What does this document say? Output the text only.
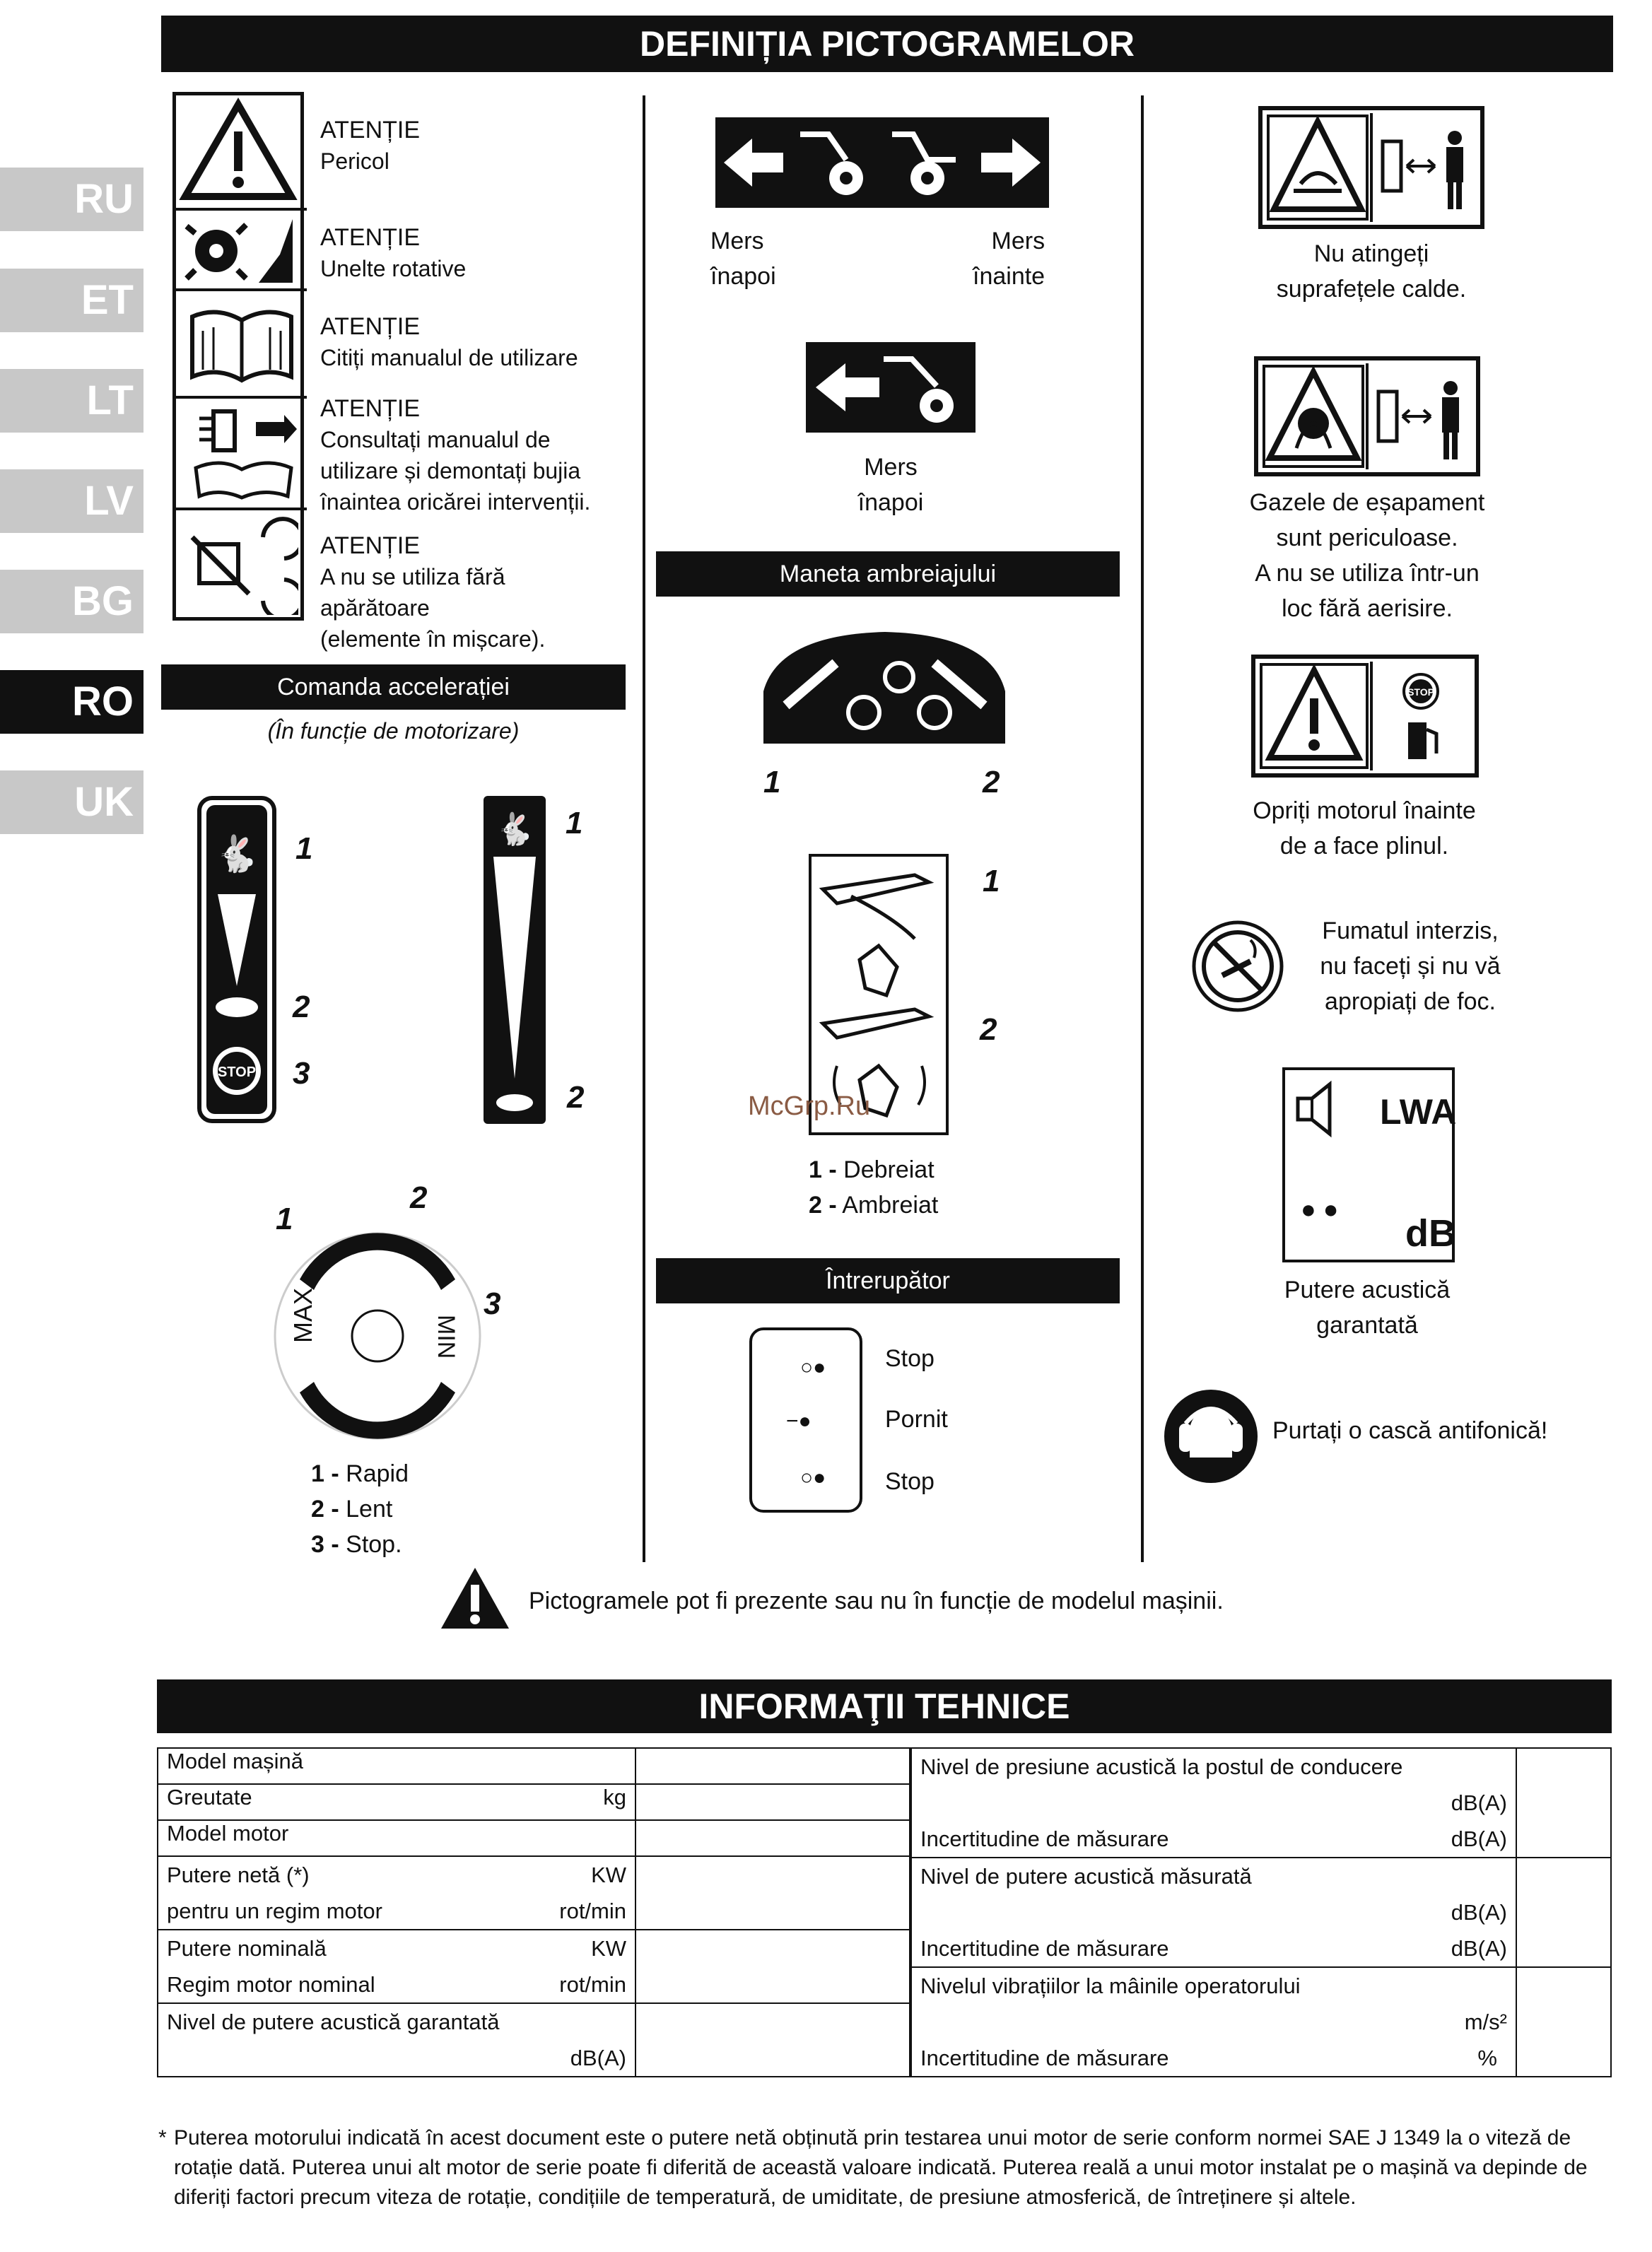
DEFINIȚIA PICTOGRAMELOR
RU
ET
LT
LV
BG
RO
UK
ATENȚIE
Pericol
ATENȚIE
Unelte rotative
ATENȚIE
Citiți manualul de utilizare
ATENȚIE
Consultați manualul de
utilizare și demontați bujia
înaintea oricărei intervenții.
ATENȚIE
A nu se utiliza fără
apărătoare
(elemente în mișcare).
Comanda accelerației
(În funcție de motorizare)
🐇
STOP
1
2
3
🐇 1
2
MAX	MIN
1
2
3
1 - Rapid
2 - Lent
3 - Stop.
Mers
înapoi
Mers
înainte
Mers
înapoi
Maneta ambreiajului
1	2
1
2
1 - Debreiat
2 - Ambreiat
Întrerupător
○●
−●
○●
Stop
Pornit
Stop
McGrp.Ru
Nu atingeți
suprafețele calde.
Gazele de eșapament
sunt periculoase.
A nu se utiliza într-un
loc fără aerisire.
STOP
Opriți motorul înainte
de a face plinul.
Fumatul interzis,
nu faceți și nu vă
apropiați de foc.
LWA
● ●
dB
Putere acustică
garantată
Purtați o cască antifonică!
Pictogramele pot fi prezente sau nu în funcție de modelul mașinii.
INFORMAŢII TEHNICE
Model mașină	
Greutate kg	

Model motor	

Putere netă (*) KW
pentru un regim motor rot/min	

Putere nominală KW
Regim motor nominal rot/min	

Nivel de putere acustică garantată
dB(A)	

Nivel de presiune acustică la postul de conducere
dB(A)
Incertitudine de măsurare dB(A)	

Nivel de putere acustică măsurată
dB(A)
Incertitudine de măsurare dB(A)	

Nivelul vibrațiilor la mâinile operatorului
m/s²
Incertitudine de măsurare %	

* Puterea motorului indicată în acest document este o putere netă obținută prin testarea unui motor de serie conform normei SAE J 1349 la o viteză de rotație dată. Puterea unui alt motor de serie poate fi diferită de această valoare indicată. Puterea reală a unui motor instalat pe o mașină va depinde de diferiți factori precum viteza de rotație, condițiile de temperatură, de umiditate, de presiune atmosferică, de întreținere și altele.
